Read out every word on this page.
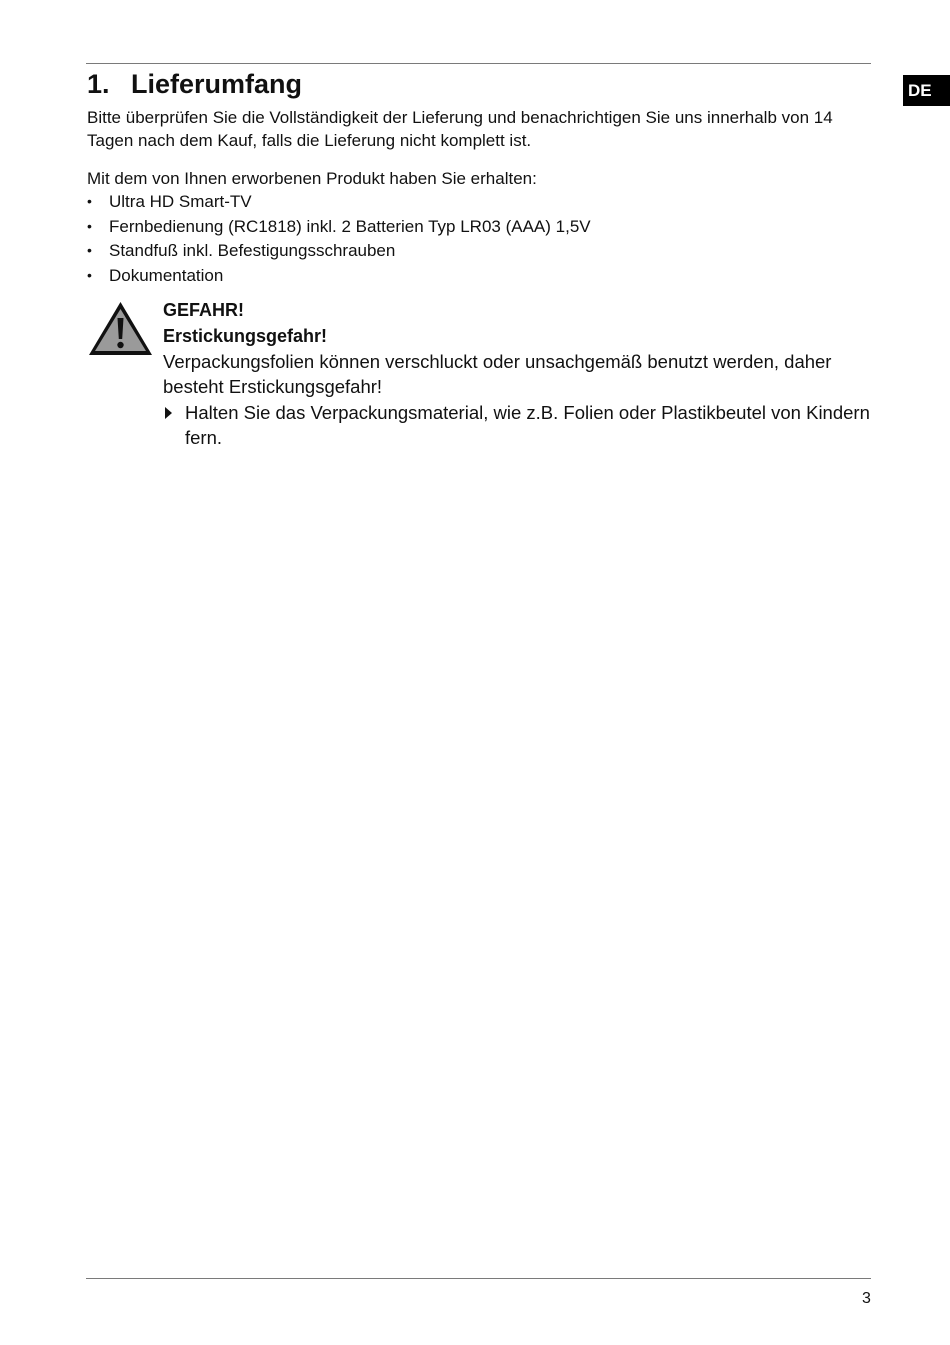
DE
1. Lieferumfang

Bitte überprüfen Sie die Vollständigkeit der Lieferung und benachrichtigen Sie uns innerhalb von 14 Tagen nach dem Kauf, falls die Lieferung nicht komplett ist.

Mit dem von Ihnen erworbenen Produkt haben Sie erhalten:

• Ultra HD Smart-TV
• Fernbedienung (RC1818) inkl. 2 Batterien Typ LR03 (AAA) 1,5V
• Standfuß inkl. Befestigungsschrauben
• Dokumentation
GEFAHR!
Erstickungsgefahr!

Verpackungsfolien können verschluckt oder unsachgemäß benutzt werden, daher besteht Erstickungsgefahr!

Halten Sie das Verpackungsmaterial, wie z.B. Folien oder Plastikbeutel von Kindern fern.
3
